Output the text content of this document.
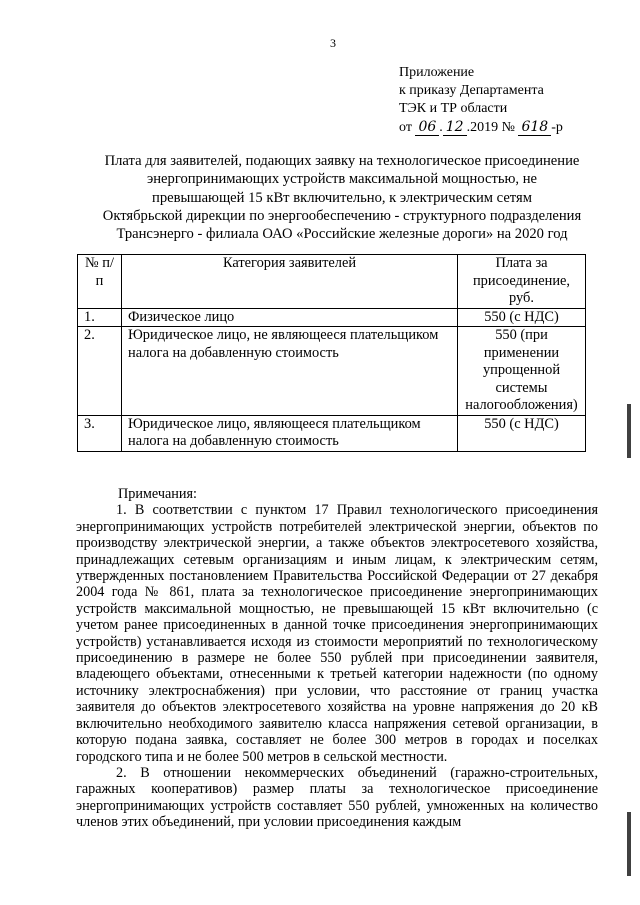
3
Приложение
к приказу Департамента
ТЭК и ТР области
от 06 . 12 .2019 № 618 -р
Плата для заявителей, подающих заявку на технологическое присоединение
энергопринимающих устройств максимальной мощностью, не
превышающей 15 кВт включительно, к электрическим сетям
Октябрьской дирекции по энергообеспечению - структурного подразделения
Трансэнерго - филиала ОАО «Российские железные дороги» на 2020 год
№ п/п	Категория заявителей	Плата за присоединение, руб.
1.	Физическое лицо	550 (с НДС)
2.	Юридическое лицо, не являющееся плательщиком налога на добавленную стоимость	550 (при применении упрощенной системы налогообложения)
3.	Юридическое лицо, являющееся плательщиком налога на добавленную стоимость	550 (с НДС)

Примечания:

1. В соответствии с пунктом 17 Правил технологического присоединения энергопринимающих устройств потребителей электрической энергии, объектов по производству электрической энергии, а также объектов электросетевого хозяйства, принадлежащих сетевым организациям и иным лицам, к электрическим сетям, утвержденных постановлением Правительства Российской Федерации от 27 декабря 2004 года № 861, плата за технологическое присоединение энергопринимающих устройств максимальной мощностью, не превышающей 15 кВт включительно (с учетом ранее присоединенных в данной точке присоединения энергопринимающих устройств) устанавливается исходя из стоимости мероприятий по технологическому присоединению в размере не более 550 рублей при присоединении заявителя, владеющего объектами, отнесенными к третьей категории надежности (по одному источнику электроснабжения) при условии, что расстояние от границ участка заявителя до объектов электросетевого хозяйства на уровне напряжения до 20 кВ включительно необходимого заявителю класса напряжения сетевой организации, в которую подана заявка, составляет не более 300 метров в городах и поселках городского типа и не более 500 метров в сельской местности.

2. В отношении некоммерческих объединений (гаражно-строительных, гаражных кооперативов) размер платы за технологическое присоединение энергопринимающих устройств составляет 550 рублей, умноженных на количество членов этих объединений, при условии присоединения каждым
